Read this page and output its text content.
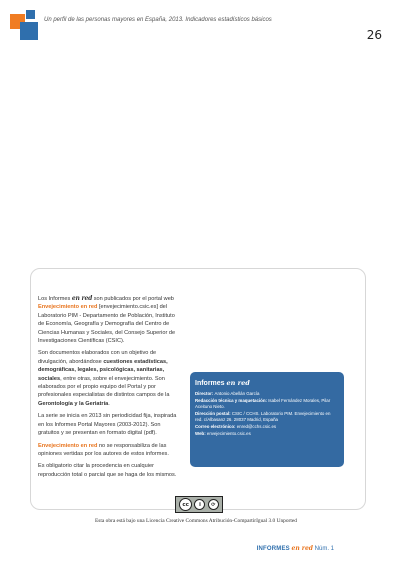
Un perfil de las personas mayores en España, 2013. Indicadores estadísticos básicos
26

Los Informes en red son publicados por el portal web Envejecimiento en red [envejecimiento.csic.es] del Laboratorio PIM - Departamento de Población, Instituto de Economía, Geografía y Demografía del Centro de Ciencias Humanas y Sociales, del Consejo Superior de Investigaciones Científicas (CSIC).

Son documentos elaborados con un objetivo de divulgación, abordándose cuestiones estadísticas, demográficas, legales, psicológicas, sanitarias, sociales, entre otras, sobre el envejecimiento. Son elaborados por el propio equipo del Portal y por profesionales especialistas de distintos campos de la Gerontología y la Geriatría.

La serie se inicia en 2013 sin periodicidad fija, inspirada en los Informes Portal Mayores (2003-2012). Son gratuitos y se presentan en formato digital (pdf).

Envejecimiento en red no se responsabiliza de las opiniones vertidas por los autores de estos informes.

Es obligatorio citar la procedencia en cualquier reproducción total o parcial que se haga de los mismos.

Informes en red
Director: Antonio Abellán García
Redacción técnica y maquetación: Isabel Fernández Morales, Pilar Aceituno Nieto.
Dirección postal: CSIC / CCHS. Laboratorio PIM. Envejecimiento en red. c/Albasanz 26. 28037 Madrid, España
Correo electrónico: enred@cchs.csic.es
Web: envejecimiento.csic.es
cc	i	⟳
Esta obra está bajo una Licencia Creative Commons Atribución-CompartirIgual 3.0 Unported
INFORMES en red Núm. 1
